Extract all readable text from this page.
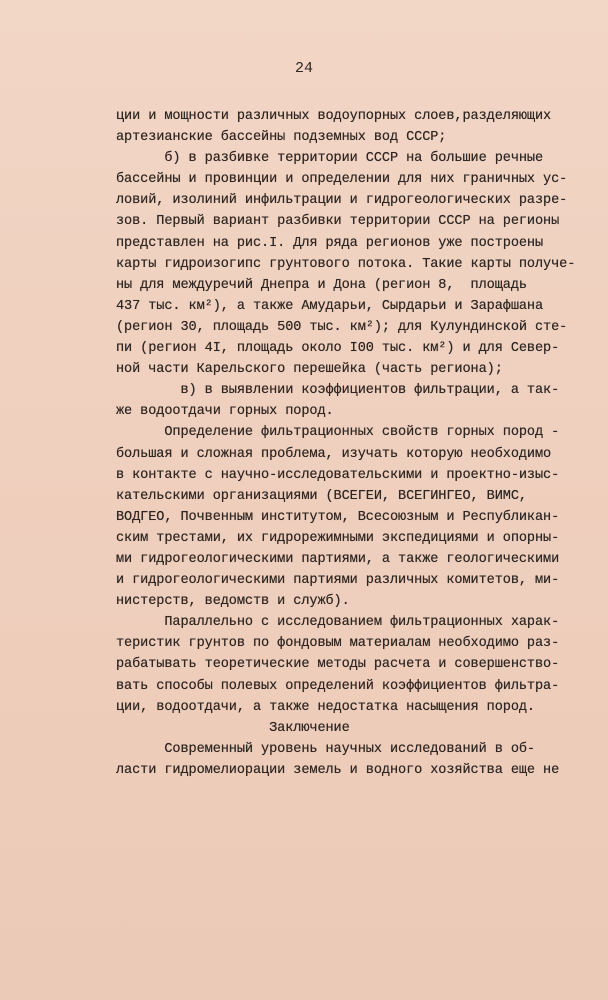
24
ции и мощности различных водоупорных слоев,разделяющих
артезианские бассейны подземных вод СССР;
б) в разбивке территории СССР на большие речные
бассейны и провинции и определении для них граничных ус-
ловий, изолиний инфильтрации и гидрогеологических разре-
зов. Первый вариант разбивки территории СССР на регионы
представлен на рис.I. Для ряда регионов уже построены
карты гидроизогипс грунтового потока. Такие карты получе-
ны для междуречий Днепра и Дона (регион 8,  площадь
437 тыс. км²), а также Амударьи, Сырдарьи и Зарафшана
(регион 30, площадь 500 тыс. км²); для Кулундинской сте-
пи (регион 4I, площадь около I00 тыс. км²) и для Север-
ной части Карельского перешейка (часть региона);
в) в выявлении коэффициентов фильтрации, а так-
же водоотдачи горных пород.
Определение фильтрационных свойств горных пород -
большая и сложная проблема, изучать которую необходимо
в контакте с научно-исследовательскими и проектно-изыс-
кательскими организациями (ВСЕГЕИ, ВСЕГИНГЕО, ВИМС,
ВОДГЕО, Почвенным институтом, Всесоюзным и Республикан-
ским трестами, их гидрорежимными экспедициями и опорны-
ми гидрогеологическими партиями, а также геологическими
и гидрогеологическими партиями различных комитетов, ми-
нистерств, ведомств и служб).
Параллельно с исследованием фильтрационных харак-
теристик грунтов по фондовым материалам необходимо раз-
рабатывать теоретические методы расчета и совершенство-
вать способы полевых определений коэффициентов фильтра-
ции, водоотдачи, а также недостатка насыщения пород.
Заключение
Современный уровень научных исследований в об-
ласти гидромелиорации земель и водного хозяйства еще не
